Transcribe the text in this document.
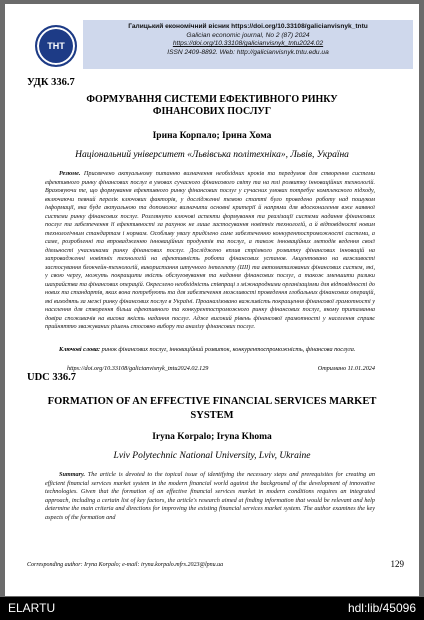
THT
Галицький економічний вісник https://doi.org/10.33108/galicianvisnyk_tntu
Galician economic journal, No 2 (87) 2024
https://doi.org/10.33108/galicianvisnyk_tntu2024.02
ISSN 2409-8892. Web: http://galicianvisnyk.tntu.edu.ua
УДК 336.7
ФОРМУВАННЯ СИСТЕМИ ЕФЕКТИВНОГО РИНКУ
ФІНАНСОВИХ ПОСЛУГ
Ірина Корпало; Ірина Хома
Національний університет «Львівська політехніка», Львів, Україна
Резюме. Присвячено актуальному питанню визначення необхідних кроків та передумов для створення системи ефективного ринку фінансових послуг в умовах сучасного фінансового світу та на тлі розвитку інноваційних технологій. Враховуючи те, що формування ефективного ринку фінансових послуг у сучасних умовах потребує комплексного підходу, включаючи певний перелік ключових факторів, у дослідженні темою статті було проведено роботу над пошуком інформації, яка буде актуальною та допоможе визначити основні критерії й напрями для вдосконалення вже наявної системи ринку фінансових послуг. Розглянуто ключові аспекти формування та реалізації системи надання фінансових послуг та забезпечення її ефективності за рахунок не лише застосування новітніх технологій, а й відповідності новим технологічним стандартам і нормам. Особливу увагу приділено саме забезпеченню конкурентоспроможності системи, а саме, розробленні та впровадженню інноваційних продуктів та послуг, а також інноваційних методів ведення своєї діяльності учасниками ринку фінансових послуг. Досліджено вплив стрімкого розвитку фінансових інновацій на запровадженні новітніх технологій на ефективність роботи фінансових установ. Акцентовано на важливості застосування блокчейн-технологій, використання штучного інтелекту (ШІ) та автоматизованих фінансових систем, які, у свою чергу, можуть покращити якість обслуговування та надання фінансових послуг, а також зменшити ризики шахрайства та фінансових операцій. Окреслено необхідність співпраці з міжнародними організаціями для відповідності до нових та стандартів, яких вона потребують та для забезпечення можливості проведення глобальних фінансових операцій, які виходять за межі ринку фінансових послуг в Україні. Проаналізовано важливість покращення фінансової грамотності у населення для створення більш ефективного та конкурентоспроможного ринку фінансових послуг, якому притаманна довіра споживачів на висока якість надання послуг. Адже високий рівень фінансової грамотності у населення сприяє прийняттю зважуваних рішень стосовно вибору та аналізу фінансових послуг.
Ключові слова: ринок фінансових послуг, інноваційний розвиток, конкурентоспроможність, фінансова послуга.
https://doi.org/10.33108/galicianvisnyk_tntu2024.02.129	Отримано 11.01.2024
UDC 336.7
FORMATION OF AN EFFECTIVE FINANCIAL SERVICES MARKET SYSTEM
Iryna Korpalo; Iryna Khoma
Lviv Polytechnic National University, Lviv, Ukraine
Summary. The article is devoted to the topical issue of identifying the necessary steps and prerequisites for creating an efficient financial services market system in the modern financial world against the background of the development of innovative technologies. Given that the formation of an effective financial services market in modern conditions requires an integrated approach, including a certain list of key factors, the article's research aimed at finding information that would be relevant and help determine the main criteria and directions for improving the existing financial services market system. The author examines the key aspects of the formation and
Corresponding author: Iryna Korpalo; e-mail: iryna.korpalo.mfrs.2023@lpnu.ua	129
ELARTU	hdl:lib/45096
